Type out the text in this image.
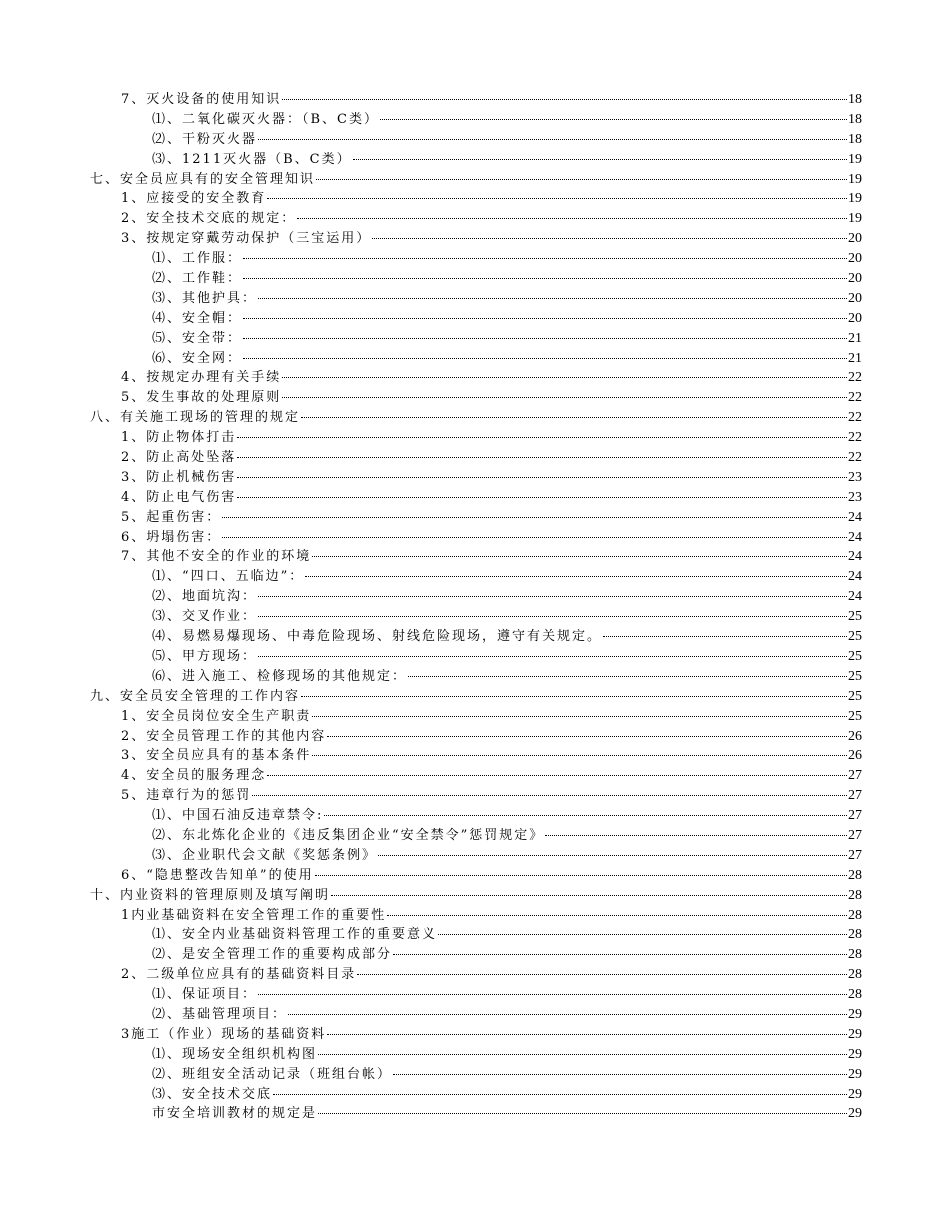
7、灭火设备的使用知识	18
⑴、二氧化碳灭火器：（B、C类）	18
⑵、干粉灭火器	18
⑶、1211灭火器（B、C类）	19
七、安全员应具有的安全管理知识	19
1、应接受的安全教育	19
2、安全技术交底的规定：	19
3、按规定穿戴劳动保护（三宝运用）	20
⑴、工作服：	20
⑵、工作鞋：	20
⑶、其他护具：	20
⑷、安全帽：	20
⑸、安全带：	21
⑹、安全网：	21
4、按规定办理有关手续	22
5、发生事故的处理原则	22
八、有关施工现场的管理的规定	22
1、防止物体打击	22
2、防止高处坠落	22
3、防止机械伤害	23
4、防止电气伤害	23
5、起重伤害：	24
6、坍塌伤害：	24
7、其他不安全的作业的环境	24
⑴、“四口、五临边”：	24
⑵、地面坑沟：	24
⑶、交叉作业：	25
⑷、易燃易爆现场、中毒危险现场、射线危险现场，遵守有关规定。	25
⑸、甲方现场：	25
⑹、进入施工、检修现场的其他规定：	25
九、安全员安全管理的工作内容	25
1、安全员岗位安全生产职责	25
2、安全员管理工作的其他内容	26
3、安全员应具有的基本条件	26
4、安全员的服务理念	27
5、违章行为的惩罚	27
⑴、中国石油反违章禁令:	27
⑵、东北炼化企业的《违反集团企业“安全禁令”惩罚规定》	27
⑶、企业职代会文献《奖惩条例》	27
6、“隐患整改告知单”的使用	28
十、内业资料的管理原则及填写阐明	28
1内业基础资料在安全管理工作的重要性	28
⑴、安全内业基础资料管理工作的重要意义	28
⑵、是安全管理工作的重要构成部分	28
2、二级单位应具有的基础资料目录	28
⑴、保证项目：	28
⑵、基础管理项目：	29
3施工（作业）现场的基础资料	29
⑴、现场安全组织机构图	29
⑵、班组安全活动记录（班组台帐）	29
⑶、安全技术交底	29
市安全培训教材的规定是	29
